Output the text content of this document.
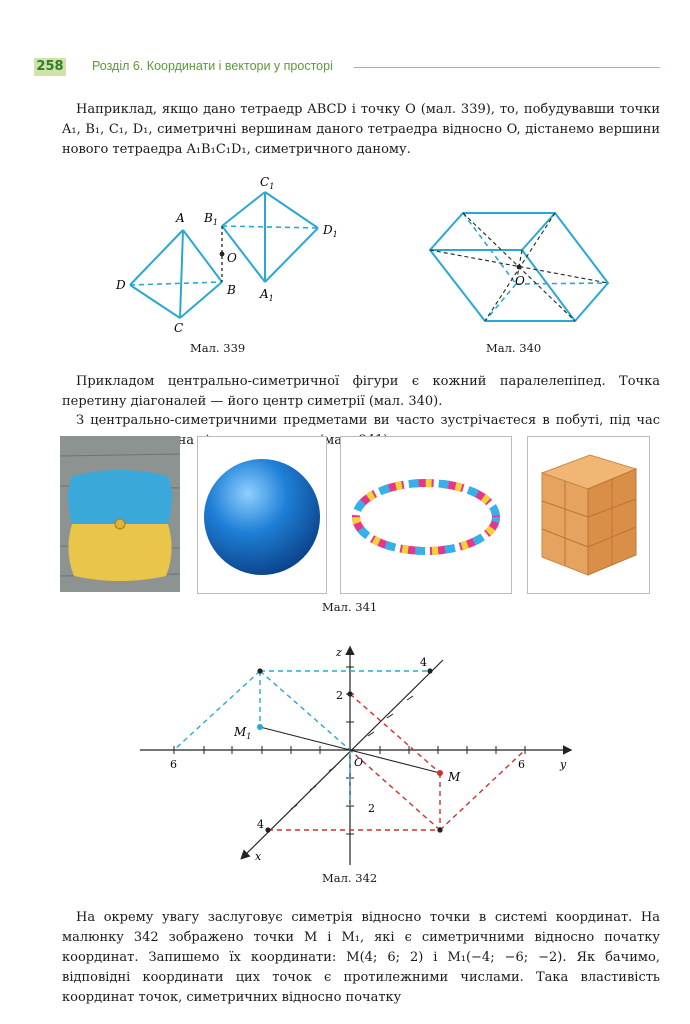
258 Розділ 6. Координати і вектори у просторі
Наприклад, якщо дано тетраедр ABCD і точку O (мал. 339), то, побудувавши точки A₁, B₁, C₁, D₁, симетричні вершинам даного тетраедра відносно O, дістанемо вершини нового тетраедра A₁B₁C₁D₁, симетричного даному.
A
D	B
C
O
$B_1$
$C_1$
$D_1$
$A_1$
Мал. 339
O
Мал. 340
Прикладом центрально-симетричної фігури є кожний паралелепіпед. Точка перетину діагоналей — його центр симетрії (мал. 340).
З центрально-симетричними предметами ви часто зустрічаєтеся в побуті, під час на (мал.
Мал. 341
z
y
x
O
6	6
2
2
4
4
M
$M_1$
Мал. 342
На окрему увагу заслуговує симетрія відносно точки в системі координат. На малюнку 342 зображено точки M і M₁, які є симетричними відносно початку координат. Запишемо їх координати: M(4; 6; 2) і M₁(−4; −6; −2). Як бачимо, відповідні координати цих точок є протилежними числами. Така властивість координат точок, симетричних відносно початку
